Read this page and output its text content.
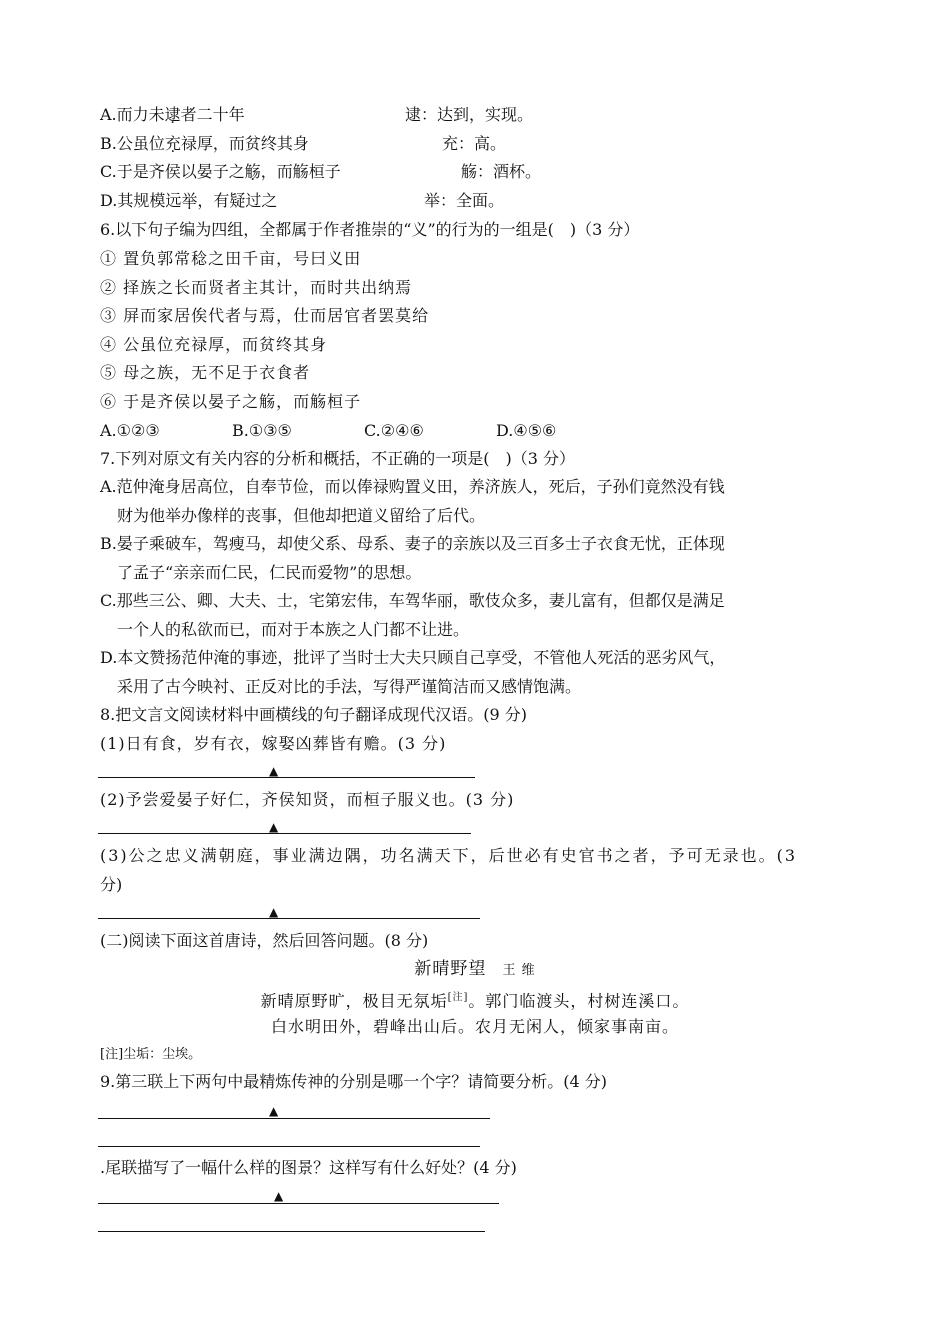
A.而力未逮者二十年	逮：达到，实现。
B.公虽位充禄厚，而贫终其身	充：高。
C.于是齐侯以晏子之觞，而觞桓子	觞：酒杯。
D.其规模远举，有疑过之	举：全面。
6.以下句子编为四组，全都属于作者推崇的“义”的行为的一组是(　)（3 分）
① 置负郭常稔之田千亩，号曰义田
② 择族之长而贤者主其计，而时共出纳焉
③ 屏而家居俟代者与焉，仕而居官者罢莫给
④ 公虽位充禄厚，而贫终其身
⑤ 母之族，无不足于衣食者
⑥ 于是齐侯以晏子之觞，而觞桓子
A.①②③	B.①③⑤	C.②④⑥	D.④⑤⑥
7.下列对原文有关内容的分析和概括，不正确的一项是(　)（3 分）
A.范仲淹身居高位，自奉节俭，而以俸禄购置义田，养济族人，死后，子孙们竟然没有钱
财为他举办像样的丧事，但他却把道义留给了后代。
B.晏子乘破车，驾瘦马，却使父系、母系、妻子的亲族以及三百多士子衣食无忧，正体现
了孟子“亲亲而仁民，仁民而爱物”的思想。
C.那些三公、卿、大夫、士，宅第宏伟，车驾华丽，歌伎众多，妻儿富有，但都仅是满足
一个人的私欲而已，而对于本族之人门都不让进。
D.本文赞扬范仲淹的事迹，批评了当时士大夫只顾自己享受，不管他人死活的恶劣风气，
采用了古今映衬、正反对比的手法，写得严谨简洁而又感情饱满。
8.把文言文阅读材料中画横线的句子翻译成现代汉语。(9 分)
(1)日有食，岁有衣，嫁娶凶葬皆有赡。(3 分)
▲
(2)予尝爱晏子好仁，齐侯知贤，而桓子服义也。(3 分)
▲
(3)公之忠义满朝庭，事业满边隅，功名满天下，后世必有史官书之者，予可无录也。(3
分)
▲
(二)阅读下面这首唐诗，然后回答问题。(8 分)
新晴野望 王 维
新晴原野旷，极目无氛垢[注]。郭门临渡头，村树连溪口。
白水明田外，碧峰出山后。农月无闲人，倾家事南亩。
[注]尘垢：尘埃。
9.第三联上下两句中最精炼传神的分别是哪一个字？请简要分析。(4 分)
▲
.尾联描写了一幅什么样的图景？这样写有什么好处？(4 分)
▲
